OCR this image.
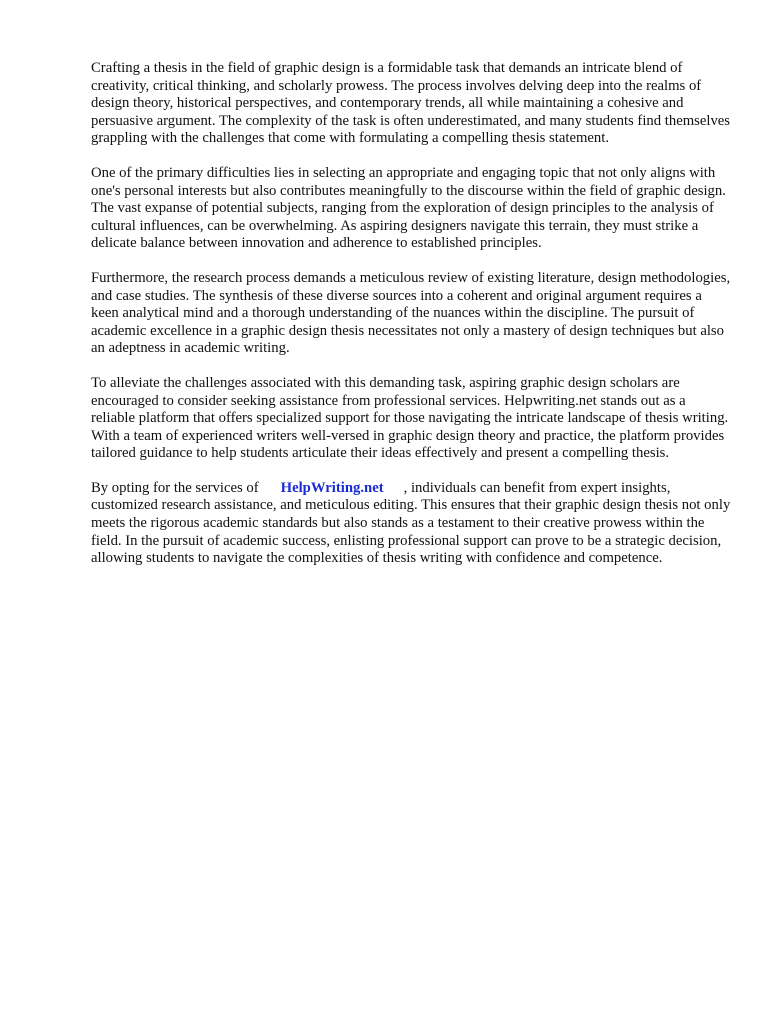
Crafting a thesis in the field of graphic design is a formidable task that demands an intricate blend of creativity, critical thinking, and scholarly prowess. The process involves delving deep into the realms of design theory, historical perspectives, and contemporary trends, all while maintaining a cohesive and persuasive argument. The complexity of the task is often underestimated, and many students find themselves grappling with the challenges that come with formulating a compelling thesis statement.

One of the primary difficulties lies in selecting an appropriate and engaging topic that not only aligns with one's personal interests but also contributes meaningfully to the discourse within the field of graphic design. The vast expanse of potential subjects, ranging from the exploration of design principles to the analysis of cultural influences, can be overwhelming. As aspiring designers navigate this terrain, they must strike a delicate balance between innovation and adherence to established principles.

Furthermore, the research process demands a meticulous review of existing literature, design methodologies, and case studies. The synthesis of these diverse sources into a coherent and original argument requires a keen analytical mind and a thorough understanding of the nuances within the discipline. The pursuit of academic excellence in a graphic design thesis necessitates not only a mastery of design techniques but also an adeptness in academic writing.

To alleviate the challenges associated with this demanding task, aspiring graphic design scholars are encouraged to consider seeking assistance from professional services. Helpwriting.net stands out as a reliable platform that offers specialized support for those navigating the intricate landscape of thesis writing. With a team of experienced writers well-versed in graphic design theory and practice, the platform provides tailored guidance to help students articulate their ideas effectively and present a compelling thesis.

By opting for the services of HelpWriting.net , individuals can benefit from expert insights, customized research assistance, and meticulous editing. This ensures that their graphic design thesis not only meets the rigorous academic standards but also stands as a testament to their creative prowess within the field. In the pursuit of academic success, enlisting professional support can prove to be a strategic decision, allowing students to navigate the complexities of thesis writing with confidence and competence.
